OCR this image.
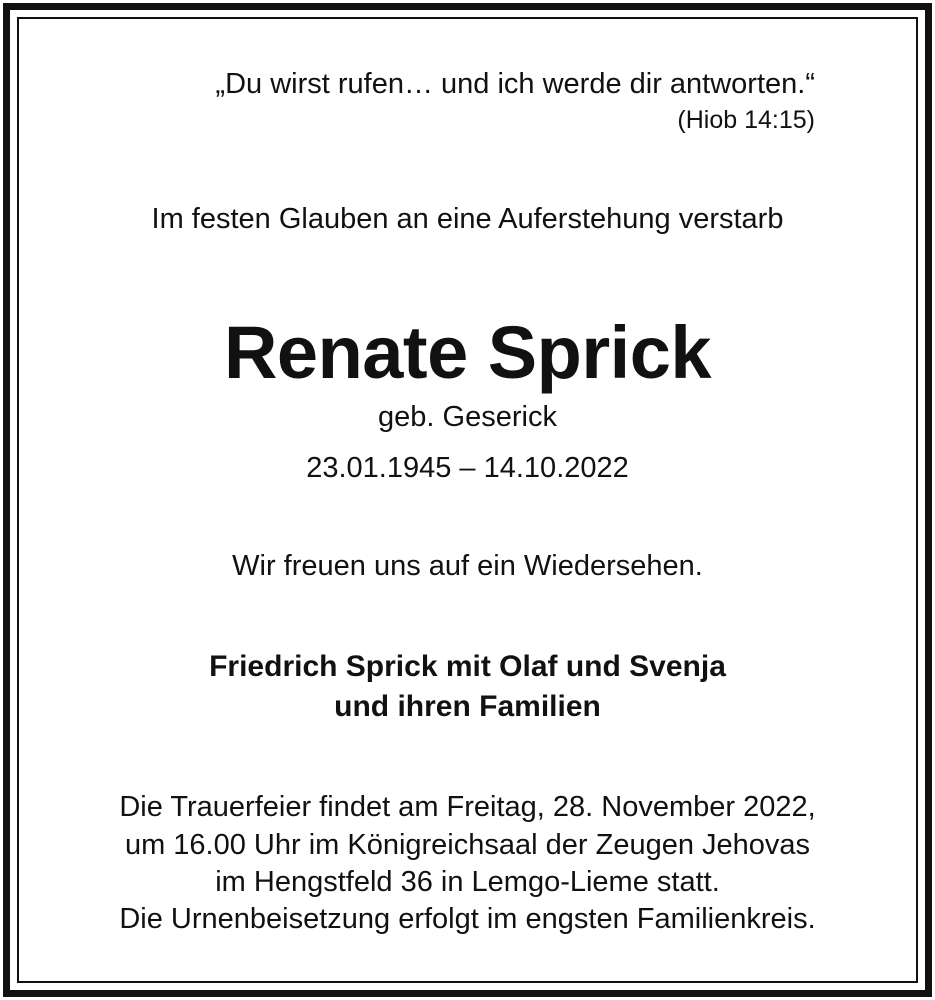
„Du wirst rufen… und ich werde dir antworten.“

(Hiob 14:15)

Im festen Glauben an eine Auferstehung verstarb
Renate Sprick
geb. Geserick
23.01.1945 – 14.10.2022
Wir freuen uns auf ein Wiedersehen.
Friedrich Sprick mit Olaf und Svenja
und ihren Familien
Die Trauerfeier findet am Freitag, 28. November 2022,
um 16.00 Uhr im Königreichsaal der Zeugen Jehovas
im Hengstfeld 36 in Lemgo-Lieme statt.
Die Urnenbeisetzung erfolgt im engsten Familienkreis.
